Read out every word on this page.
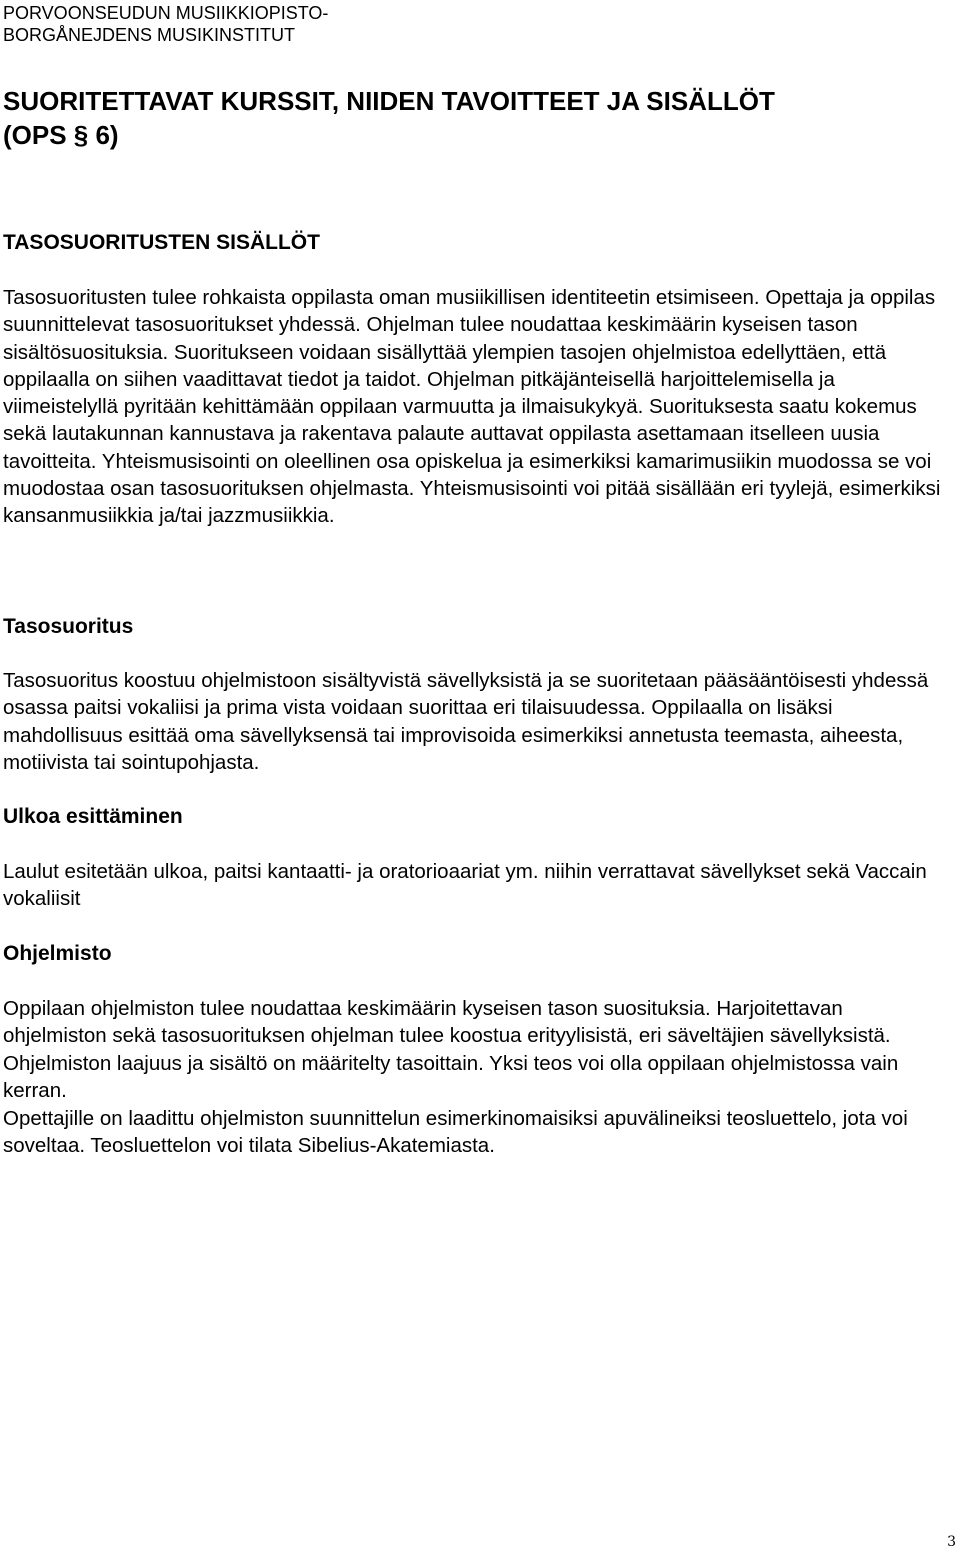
PORVOONSEUDUN MUSIIKKIOPISTO-
BORGÅNEJDENS MUSIKINSTITUT
SUORITETTAVAT KURSSIT, NIIDEN TAVOITTEET JA SISÄLLÖT
(OPS § 6)
TASOSUORITUSTEN SISÄLLÖT

Tasosuoritusten tulee rohkaista oppilasta oman musiikillisen identiteetin etsimiseen. Opettaja ja oppilas suunnittelevat tasosuoritukset yhdessä. Ohjelman tulee noudattaa keskimäärin kyseisen tason sisältösuosituksia. Suoritukseen voidaan sisällyttää ylempien tasojen ohjelmistoa edellyttäen, että oppilaalla on siihen vaadittavat tiedot ja taidot. Ohjelman pitkäjänteisellä harjoittelemisella ja viimeistelyllä pyritään kehittämään oppilaan varmuutta ja ilmaisukykyä. Suorituksesta saatu kokemus sekä lautakunnan kannustava ja rakentava palaute auttavat oppilasta asettamaan itselleen uusia tavoitteita. Yhteismusisointi on oleellinen osa opiskelua ja esimerkiksi kamarimusiikin muodossa se voi muodostaa osan tasosuorituksen ohjelmasta. Yhteismusisointi voi pitää sisällään eri tyylejä, esimerkiksi kansanmusiikkia ja/tai jazzmusiikkia.

Tasosuoritus

Tasosuoritus koostuu ohjelmistoon sisältyvistä sävellyksistä ja se suoritetaan pääsääntöisesti yhdessä osassa paitsi vokaliisi ja prima vista voidaan suorittaa eri tilaisuudessa. Oppilaalla on lisäksi mahdollisuus esittää oma sävellyksensä tai improvisoida esimerkiksi annetusta teemasta, aiheesta, motiivista tai sointupohjasta.

Ulkoa esittäminen

Laulut esitetään ulkoa, paitsi kantaatti- ja oratorioaariat ym. niihin verrattavat sävellykset sekä Vaccain vokaliisit

Ohjelmisto

Oppilaan ohjelmiston tulee noudattaa keskimäärin kyseisen tason suosituksia. Harjoitettavan ohjelmiston sekä tasosuorituksen ohjelman tulee koostua erityylisistä, eri säveltäjien sävellyksistä. Ohjelmiston laajuus ja sisältö on määritelty tasoittain. Yksi teos voi olla oppilaan ohjelmistossa vain kerran.

Opettajille on laadittu ohjelmiston suunnittelun esimerkinomaisiksi apuvälineiksi teosluettelo, jota voi soveltaa. Teosluettelon voi tilata Sibelius-Akatemiasta.

3
